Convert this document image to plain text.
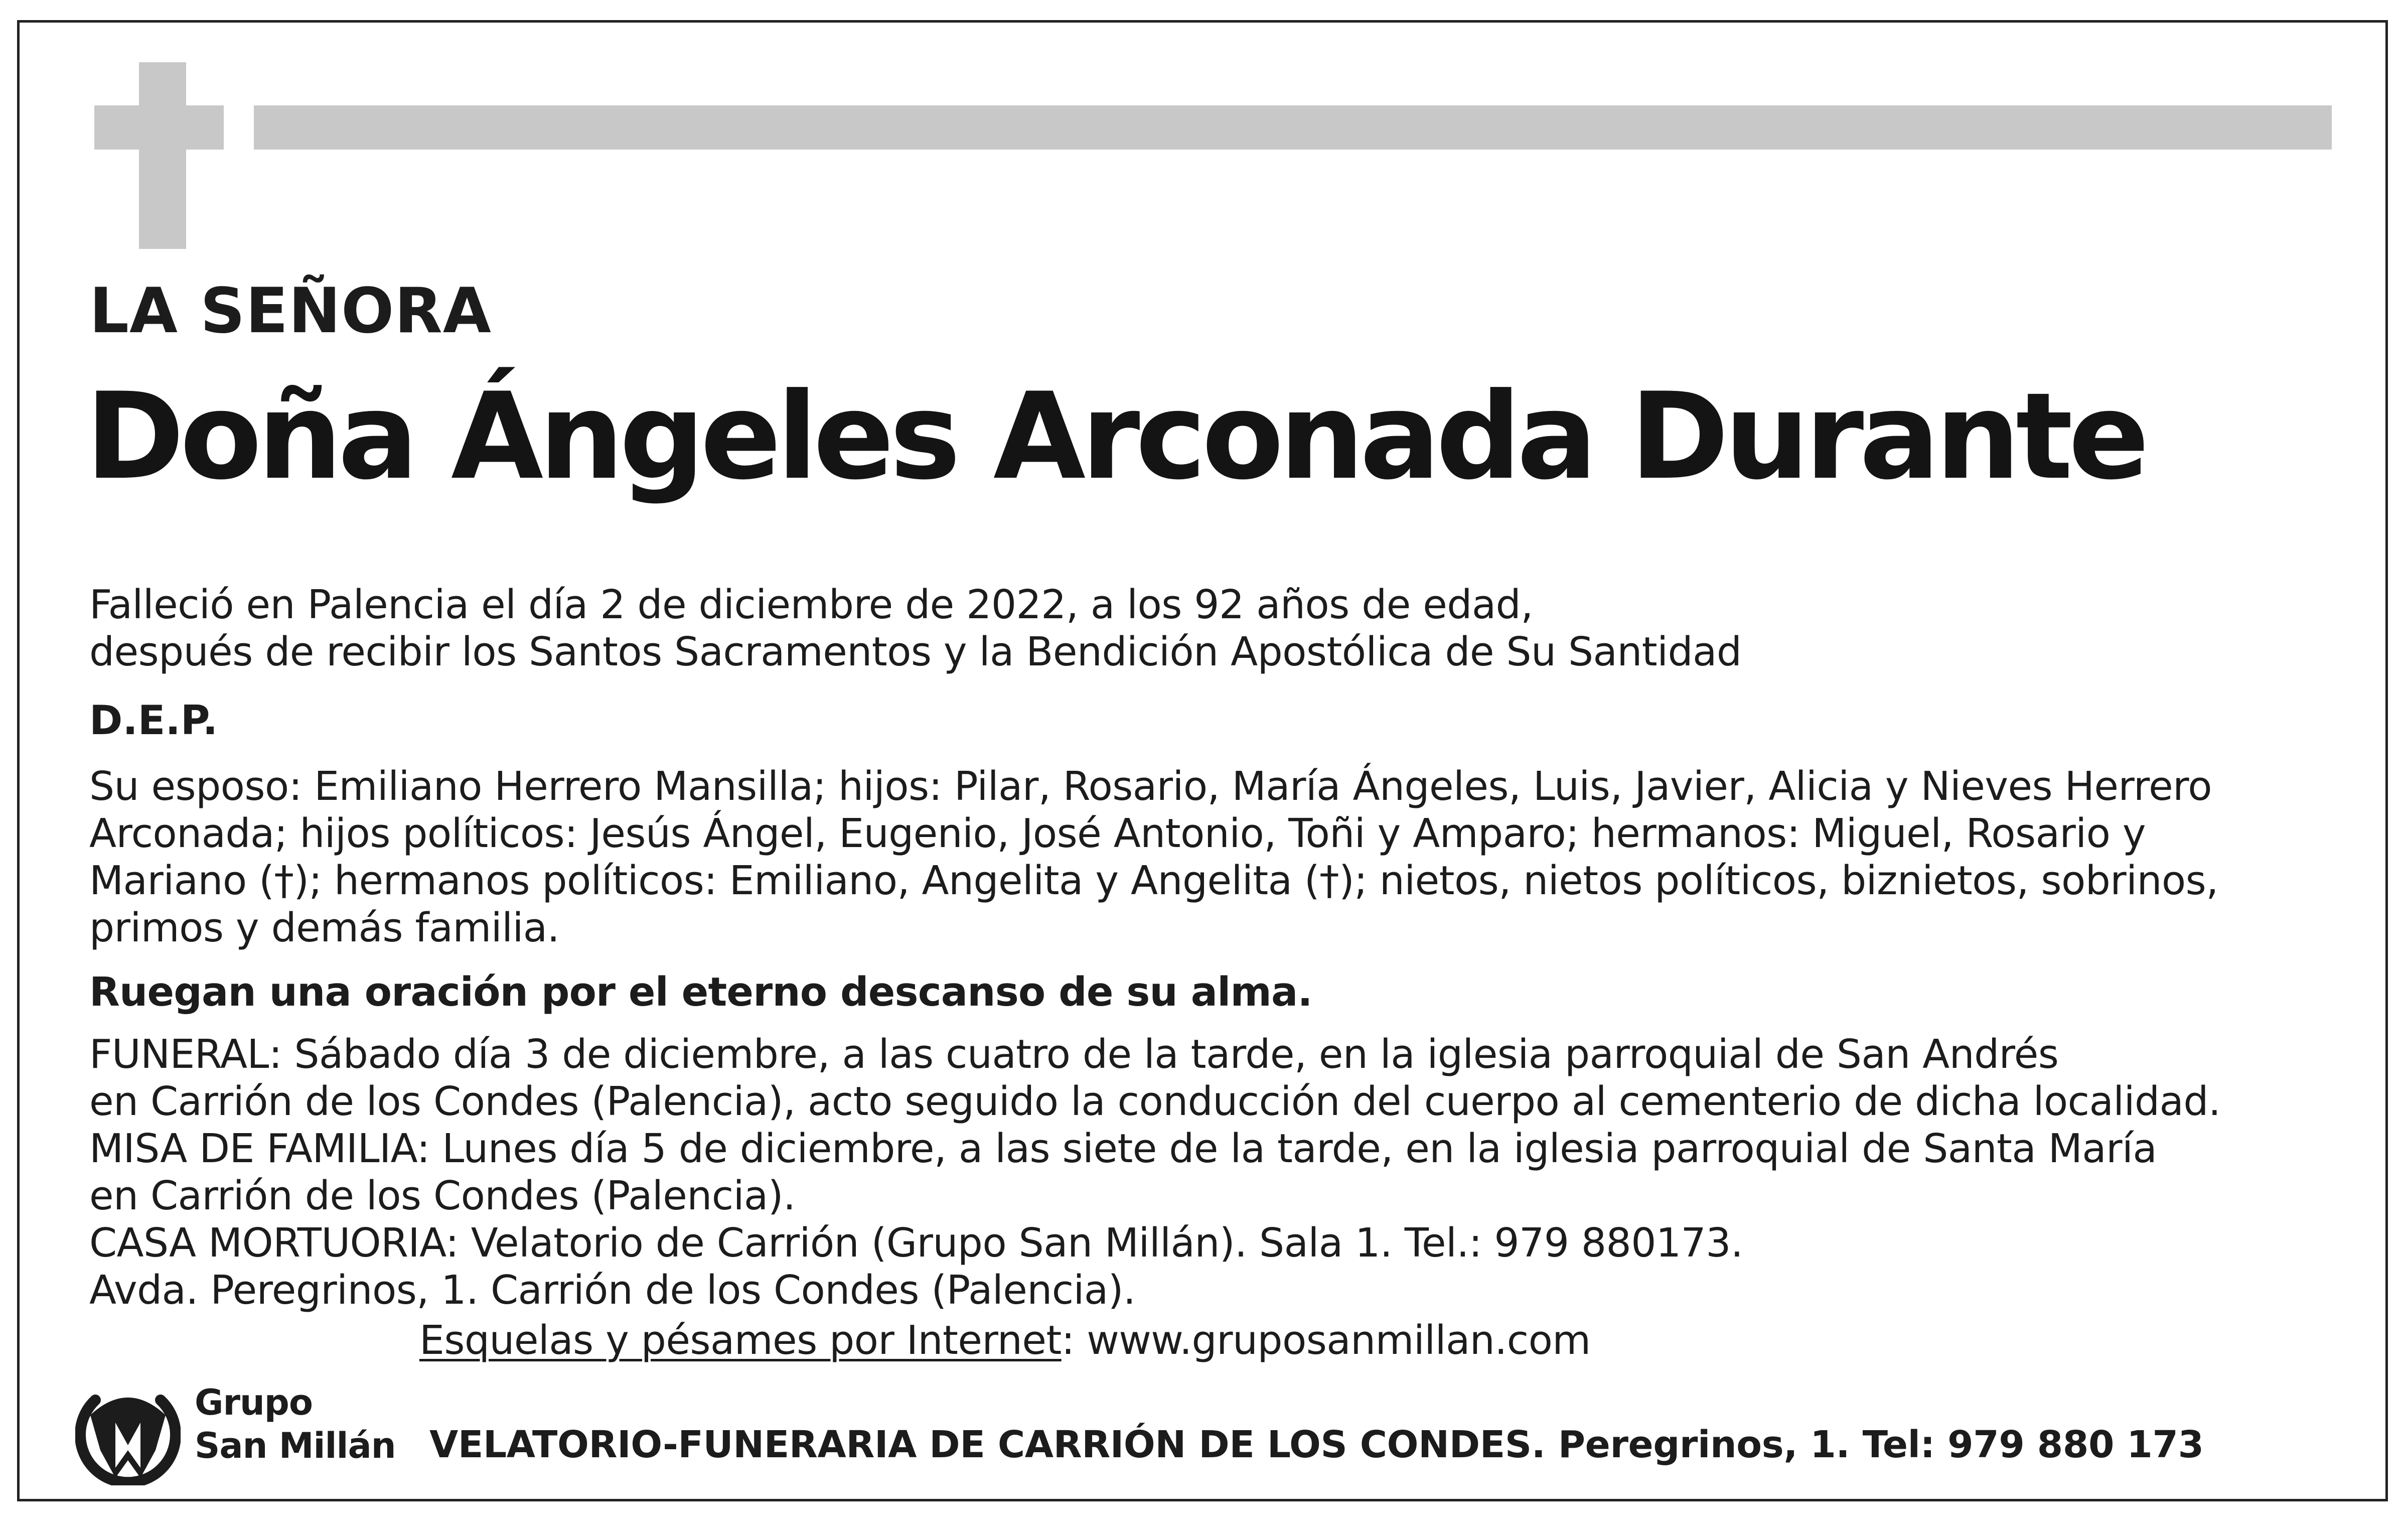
LA SEÑORA
Doña Ángeles Arconada Durante
Falleció en Palencia el día 2 de diciembre de 2022, a los 92 años de edad,
después de recibir los Santos Sacramentos y la Bendición Apostólica de Su Santidad
D.E.P.
Su esposo: Emiliano Herrero Mansilla; hijos: Pilar, Rosario, María Ángeles, Luis, Javier, Alicia y Nieves Herrero
Arconada; hijos políticos: Jesús Ángel, Eugenio, José Antonio, Toñi y Amparo; hermanos: Miguel, Rosario y
Mariano (†); hermanos políticos: Emiliano, Angelita y Angelita (†); nietos, nietos políticos, biznietos, sobrinos,
primos y demás familia.
Ruegan una oración por el eterno descanso de su alma.
FUNERAL: Sábado día 3 de diciembre, a las cuatro de la tarde, en la iglesia parroquial de San Andrés
en Carrión de los Condes (Palencia), acto seguido la conducción del cuerpo al cementerio de dicha localidad.
MISA DE FAMILIA: Lunes día 5 de diciembre, a las siete de la tarde, en la iglesia parroquial de Santa María
en Carrión de los Condes (Palencia).
CASA MORTUORIA: Velatorio de Carrión (Grupo San Millán). Sala 1. Tel.: 979 880173.
Avda. Peregrinos, 1. Carrión de los Condes (Palencia).
Esquelas y pésames por Internet: www.gruposanmillan.com
Grupo
San Millán VELATORIO-FUNERARIA DE CARRIÓN DE LOS CONDES. Peregrinos, 1. Tel: 979 880 173
